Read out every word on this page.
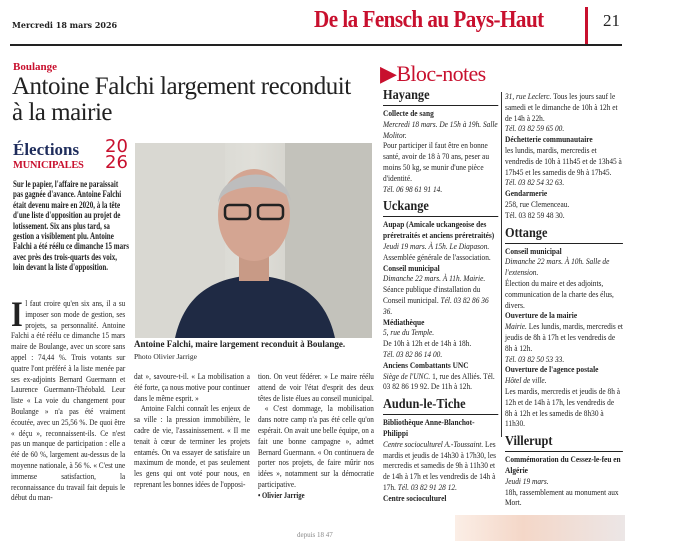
Mercredi 18 mars 2026	De la Fensch au Pays-Haut	21
Boulange
Antoine Falchi largement reconduit à la mairie
Élections
MUNICIPALES
2026
Sur le papier, l'affaire ne paraissait pas gagnée d'avance. Antoine Falchi était devenu maire en 2020, à la tête d'une liste d'opposition au projet de lotissement. Six ans plus tard, sa gestion a visiblement plu. Antoine Falchi a été réélu ce dimanche 15 mars avec près des trois-quarts des voix, loin devant la liste d'opposition.
Il faut croire qu'en six ans, il a su imposer son mode de gestion, ses projets, sa personnalité. Antoine Falchi a été réélu ce dimanche 15 mars maire de Boulange, avec un score sans appel : 74,44 %. Trois votants sur quatre l'ont préféré à la liste menée par ses ex-adjoints Bernard Guermann et Laurence Guermann-Théobald. Leur liste « La voie du changement pour Boulange » n'a pas été vraiment écoutée, avec un 25,56 %. De quoi être « déçu », reconnaissent-ils. Ce n'est pas un manque de participation : elle a été de 60 %, largement au-dessus de la moyenne nationale, à 56 %. « C'est une immense satisfaction, la reconnaissance du travail fait depuis le début du man-
Antoine Falchi, maire largement reconduit à Boulange.
Photo Olivier Jarrige
dat », savoure-t-il. « La mobilisation a été forte, ça nous motive pour continuer dans le même esprit. »

Antoine Falchi connaît les enjeux de sa ville : la pression immobilière, le cadre de vie, l'assainissement. « Il me tenait à cœur de terminer les projets entamés. On va essayer de satisfaire un maximum de monde, et pas seulement les gens qui ont voté pour nous, en reprenant les bonnes idées de l'opposi-

tion. On veut fédérer. » Le maire réélu attend de voir l'état d'esprit des deux têtes de liste élues au conseil municipal.

« C'est dommage, la mobilisation dans notre camp n'a pas été celle qu'on espérait. On avait une belle équipe, on a fait une bonne campagne », admet Bernard Guermann. « On continuera de porter nos projets, de faire mûrir nos idées », notamment sur la démocratie participative.

• Olivier Jarrige
▶Bloc-notes
Hayange
Collecte de sang
Mercredi 18 mars. De 15h à 19h. Salle Molitor.
Pour participer il faut être en bonne santé, avoir de 18 à 70 ans, peser au moins 50 kg, se munir d'une pièce d'identité.
Tél. 06 98 61 91 14.
Uckange
Aupap (Amicale uckangeoise des préretraités et anciens préretraités)
Jeudi 19 mars. À 15h. Le Diapason. Assemblée générale de l'association.
Conseil municipal
Dimanche 22 mars. À 11h. Mairie. Séance publique d'installation du Conseil municipal. Tél. 03 82 86 36 36.
Médiathèque
5, rue du Temple.
De 10h à 12h et de 14h à 18h.
Tél. 03 82 86 14 00.
Anciens Combattants UNC
Siège de l'UNC. 1, rue des Alliés. Tél. 03 82 86 19 92. De 11h à 12h.
Audun-le-Tiche
Bibliothèque Anne-Blanchot-Philippi
Centre socioculturel A.-Toussaint. Les mardis et jeudis de 14h30 à 17h30, les mercredis et samedis de 9h à 11h30 et de 14h à 17h et les vendredis de 14h à 17h. Tél. 03 82 91 28 12.
Centre socioculturel
31, rue Leclerc. Tous les jours sauf le samedi et le dimanche de 10h à 12h et de 14h à 22h.
Tél. 03 82 59 65 00.
Déchetterie communautaire
les lundis, mardis, mercredis et vendredis de 10h à 11h45 et de 13h45 à 17h45 et les samedis de 9h à 17h45.
Tél. 03 82 54 32 63.
Gendarmerie
258, rue Clemenceau.
Tél. 03 82 59 48 30.
Ottange
Conseil municipal
Dimanche 22 mars. À 10h. Salle de l'extension.
Élection du maire et des adjoints, communication de la charte des élus, divers.
Ouverture de la mairie
Mairie. Les lundis, mardis, mercredis et jeudis de 8h à 17h et les vendredis de 8h à 12h.
Tél. 03 82 50 53 33.
Ouverture de l'agence postale
Hôtel de ville.
Les mardis, mercredis et jeudis de 8h à 12h et de 14h à 17h, les vendredis de 8h à 12h et les samedis de 8h30 à 11h30.
Villerupt
Commémoration du Cessez-le-feu en Algérie
Jeudi 19 mars.
18h, rassemblement au monument aux Mort.
depuis 18 47
